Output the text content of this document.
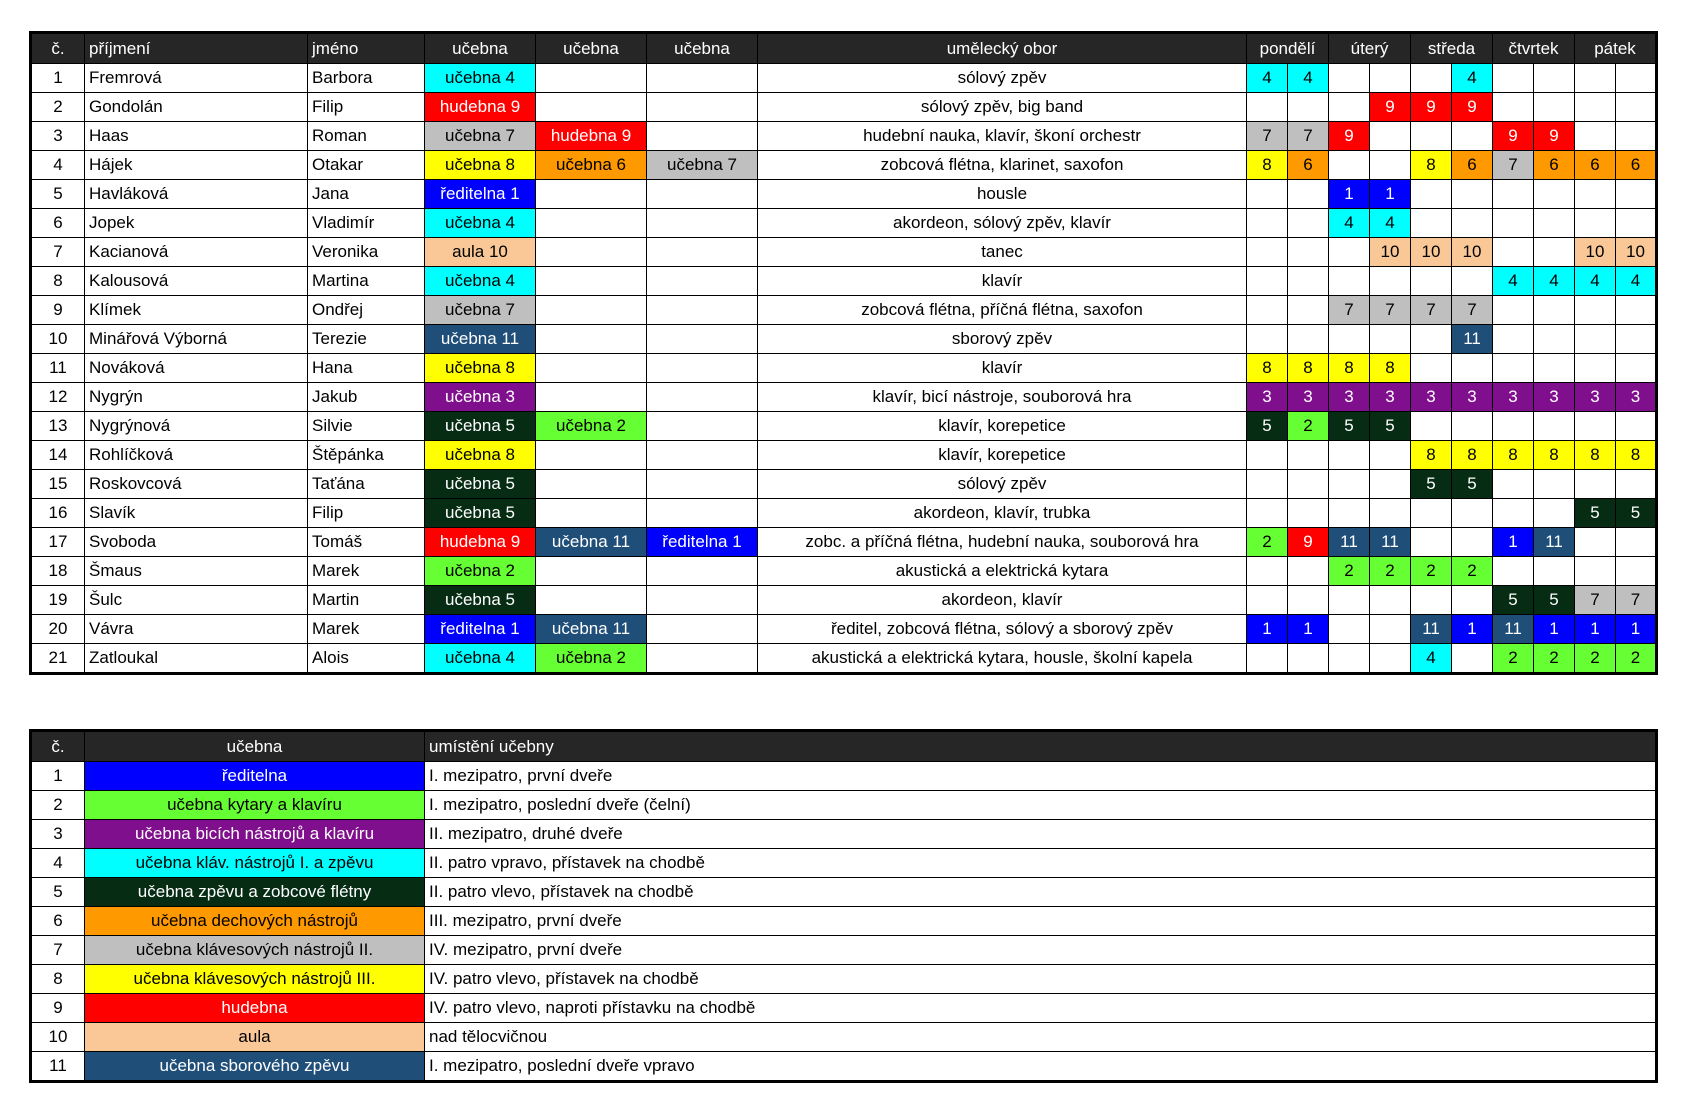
č.	příjmení	jméno	učebna	učebna	učebna	umělecký obor	pondělí		úterý		středa		čtvrtek		pátek	
1	Fremrová	Barbora	učebna 4			sólový zpěv	4	4				4				
2	Gondolán	Filip	hudebna 9			sólový zpěv, big band				9	9	9				
3	Haas	Roman	učebna 7	hudebna 9		hudební nauka, klavír, škoní orchestr	7	7	9				9	9		
4	Hájek	Otakar	učebna 8	učebna 6	učebna 7	zobcová flétna, klarinet, saxofon	8	6			8	6	7	6	6	6
5	Havláková	Jana	ředitelna 1			housle			1	1						
6	Jopek	Vladimír	učebna 4			akordeon, sólový zpěv, klavír			4	4						
7	Kacianová	Veronika	aula 10			tanec				10	10	10			10	10
8	Kalousová	Martina	učebna 4			klavír							4	4	4	4
9	Klímek	Ondřej	učebna 7			zobcová flétna, příčná flétna, saxofon			7	7	7	7				
10	Minářová Výborná	Terezie	učebna 11			sborový zpěv						11				
11	Nováková	Hana	učebna 8			klavír	8	8	8	8						
12	Nygrýn	Jakub	učebna 3			klavír, bicí nástroje, souborová hra	3	3	3	3	3	3	3	3	3	3
13	Nygrýnová	Silvie	učebna 5	učebna 2		klavír, korepetice	5	2	5	5						
14	Rohlíčková	Štěpánka	učebna 8			klavír, korepetice					8	8	8	8	8	8
15	Roskovcová	Taťána	učebna 5			sólový zpěv					5	5				
16	Slavík	Filip	učebna 5			akordeon, klavír, trubka									5	5
17	Svoboda	Tomáš	hudebna 9	učebna 11	ředitelna 1	zobc. a příčná flétna, hudební nauka, souborová hra	2	9	11	11			1	11		
18	Šmaus	Marek	učebna 2			akustická a elektrická kytara			2	2	2	2				
19	Šulc	Martin	učebna 5			akordeon, klavír							5	5	7	7
20	Vávra	Marek	ředitelna 1	učebna 11		ředitel, zobcová flétna, sólový a sborový zpěv	1	1			11	1	11	1	1	1
21	Zatloukal	Alois	učebna 4	učebna 2		akustická a elektrická kytara, housle, školní kapela					4		2	2	2	2
č.	učebna	umístění učebny
1	ředitelna	I. mezipatro, první dveře
2	učebna kytary a klavíru	I. mezipatro, poslední dveře (čelní)
3	učebna bicích nástrojů a klavíru	II. mezipatro, druhé dveře
4	učebna kláv. nástrojů I. a zpěvu	II. patro vpravo, přístavek na chodbě
5	učebna zpěvu a zobcové flétny	II. patro vlevo, přístavek na chodbě
6	učebna dechových nástrojů	III. mezipatro, první dveře
7	učebna klávesových nástrojů II.	IV. mezipatro, první dveře
8	učebna klávesových nástrojů III.	IV. patro vlevo, přístavek na chodbě
9	hudebna	IV. patro vlevo, naproti přístavku na chodbě
10	aula	nad tělocvičnou
11	učebna sborového zpěvu	I. mezipatro, poslední dveře vpravo
